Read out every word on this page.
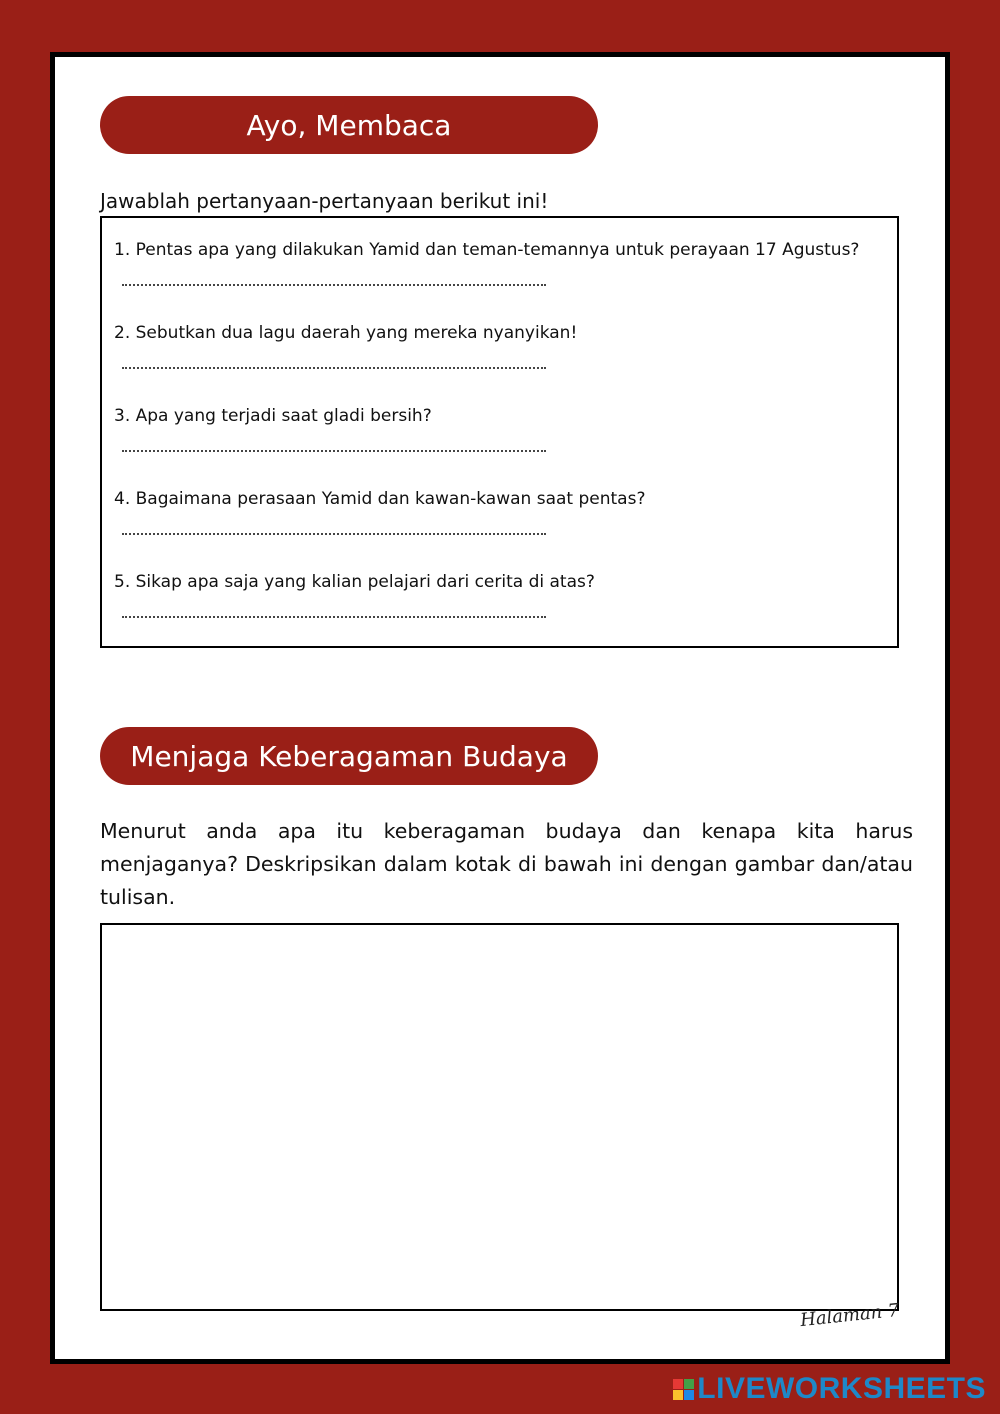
Ayo, Membaca
Jawablah pertanyaan-pertanyaan berikut ini!
1. Pentas apa yang dilakukan Yamid dan teman-temannya untuk perayaan 17 Agustus?
2. Sebutkan dua lagu daerah yang mereka nyanyikan!
3. Apa yang terjadi saat gladi bersih?
4. Bagaimana perasaan Yamid dan kawan-kawan saat pentas?
5. Sikap apa saja yang kalian pelajari dari cerita di atas?
Menjaga Keberagaman Budaya
Menurut anda apa itu keberagaman budaya dan kenapa kita harus menjaganya? Deskripsikan dalam kotak di bawah ini dengan gambar dan/atau tulisan.
Halaman 7
LIVEWORKSHEETS
